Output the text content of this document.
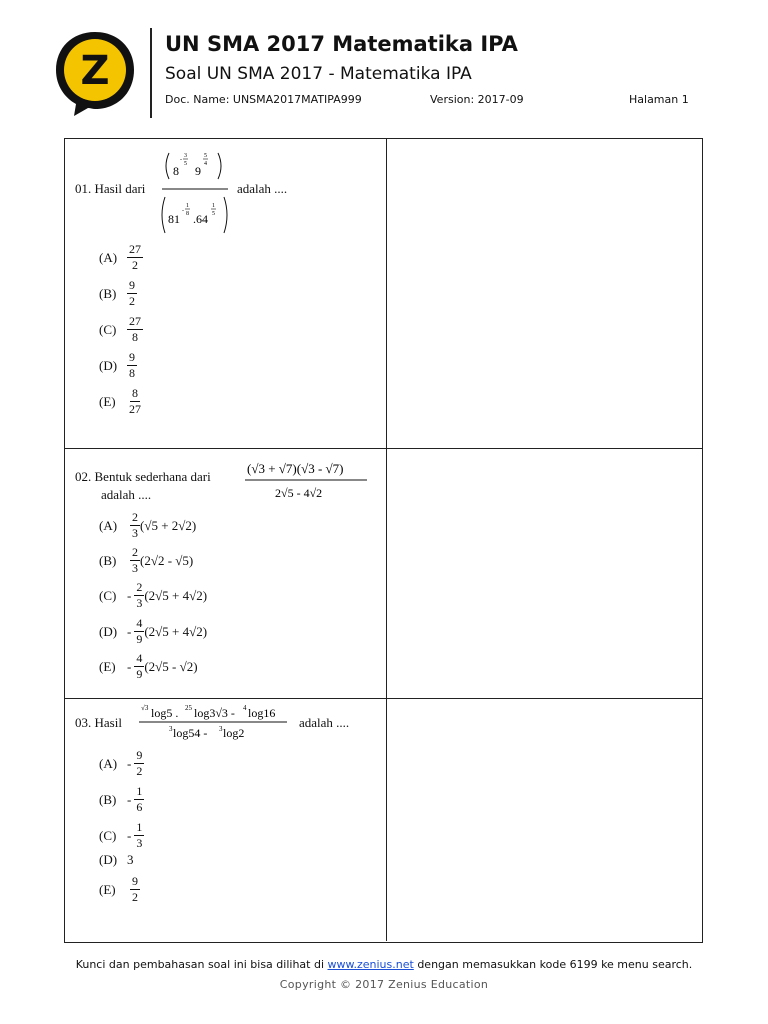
Z
UN SMA 2017 Matematika IPA
Soal UN SMA 2017 - Matematika IPA
Doc. Name: UNSMA2017MATIPA999	Version: 2017-09	Halaman 1
01. Hasil dari
8
-
3
5 9
5
4
81
-
1
8 .64
1
5
adalah ....
$(A) \frac{27}{2}$
$(B) \frac{9}{2}$
$(C) \frac{27}{8}$
$(D) \frac{9}{8}$
$(E) \frac{8}{27}$
02. Bentuk sederhana dari
(√3 + √7)(√3 - √7)
2√5 - 4√2
adalah ....
(A)	$\frac{2}{3} (√5 + 2√2)$
(B)	$\frac{2}{3} (2√2 - √5)$
$(C) - \frac{2}{3} (2√5 + 4√2)$
$(D) - \frac{4}{9} (2√5 + 4√2)$
$(E) - \frac{4}{9} (2√5 - √2)$
03. Hasil
√3 log5 . 25 log3√3 - 4 log16
3 log54 - 3 log2
adalah ....
$(A) - \frac{9}{2}$
$(B) - \frac{1}{6}$
$(C) - \frac{1}{3}$
(D) 3
(E)	$\frac{9}{2}$
Kunci dan pembahasan soal ini bisa dilihat di www.zenius.net dengan memasukkan kode 6199 ke menu search.
Copyright © 2017 Zenius Education
